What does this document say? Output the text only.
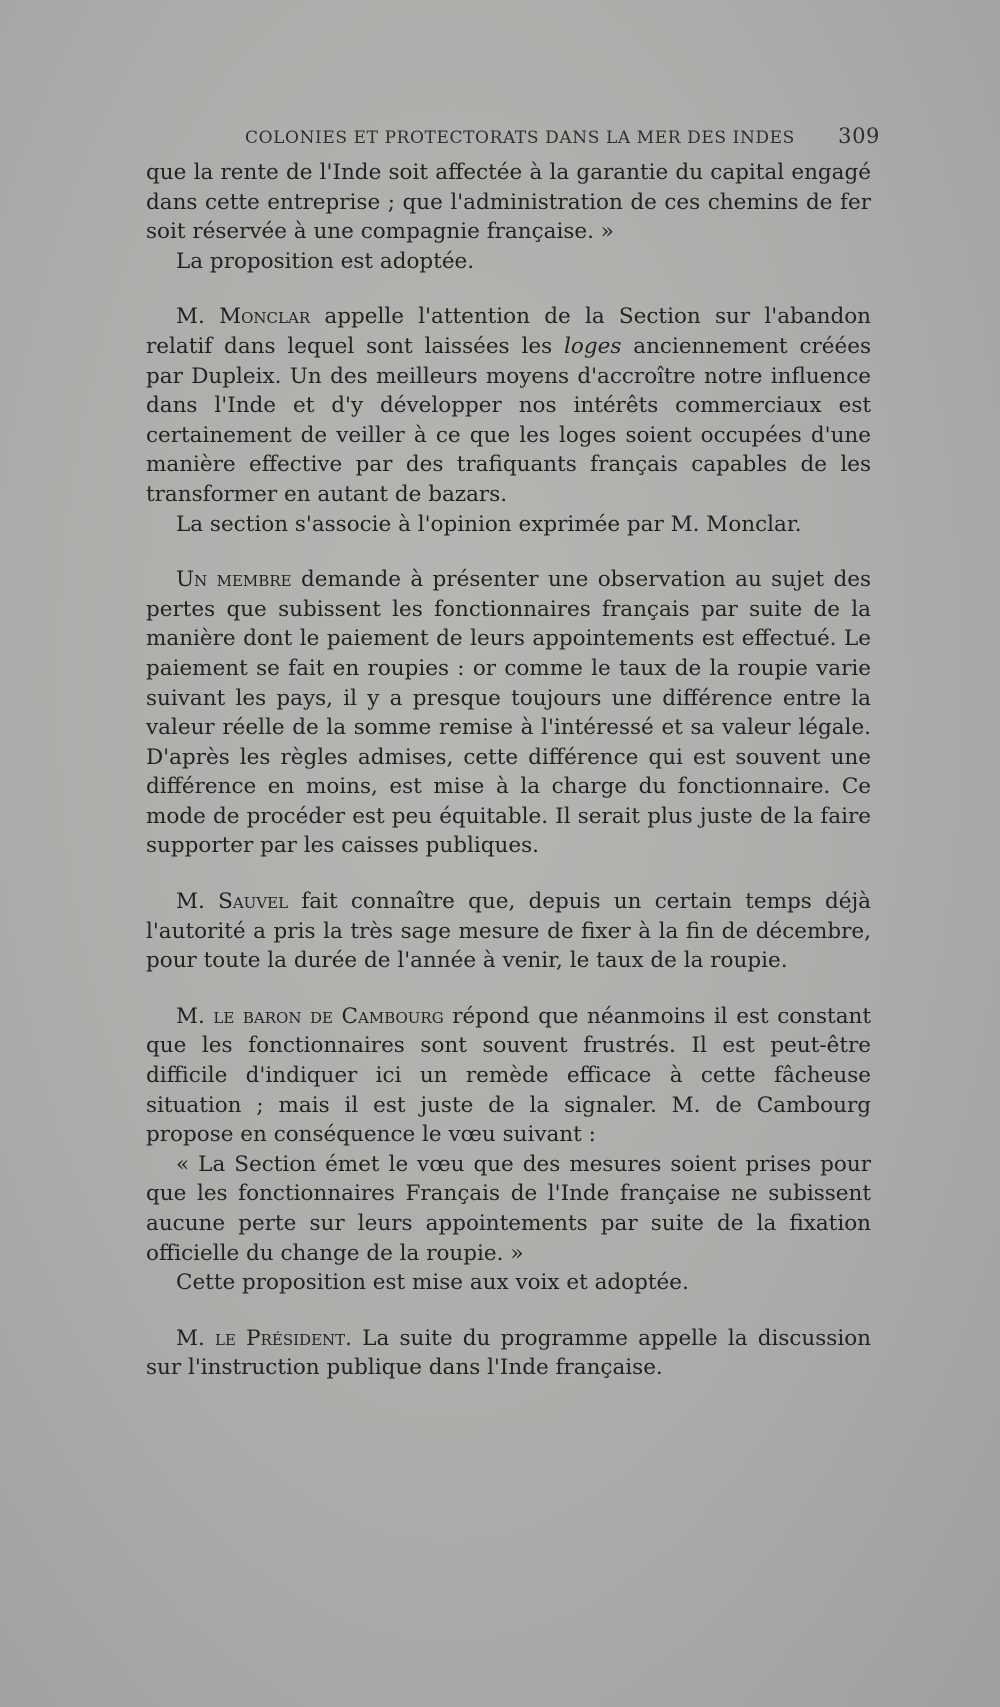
COLONIES ET PROTECTORATS DANS LA MER DES INDES 309

que la rente de l'Inde soit affectée à la garantie du capital engagé dans cette entreprise ; que l'administration de ces chemins de fer soit réservée à une compagnie française. »

La proposition est adoptée.

M. Monclar appelle l'attention de la Section sur l'abandon relatif dans lequel sont laissées les loges anciennement créées par Dupleix. Un des meilleurs moyens d'accroître notre influence dans l'Inde et d'y développer nos intérêts commerciaux est certainement de veiller à ce que les loges soient occupées d'une manière effective par des trafiquants français capables de les transformer en autant de bazars.

La section s'associe à l'opinion exprimée par M. Monclar.

Un membre demande à présenter une observation au sujet des pertes que subissent les fonctionnaires français par suite de la manière dont le paiement de leurs appointements est effectué. Le paiement se fait en roupies : or comme le taux de la roupie varie suivant les pays, il y a presque toujours une différence entre la valeur réelle de la somme remise à l'intéressé et sa valeur légale. D'après les règles admises, cette différence qui est souvent une différence en moins, est mise à la charge du fonctionnaire. Ce mode de procéder est peu équitable. Il serait plus juste de la faire supporter par les caisses publiques.

M. Sauvel fait connaître que, depuis un certain temps déjà l'autorité a pris la très sage mesure de fixer à la fin de décembre, pour toute la durée de l'année à venir, le taux de la roupie.

M. le baron de Cambourg répond que néanmoins il est constant que les fonctionnaires sont souvent frustrés. Il est peut-être difficile d'indiquer ici un remède efficace à cette fâcheuse situation ; mais il est juste de la signaler. M. de Cambourg propose en conséquence le vœu suivant :

« La Section émet le vœu que des mesures soient prises pour que les fonctionnaires Français de l'Inde française ne subissent aucune perte sur leurs appointements par suite de la fixation officielle du change de la roupie. »

Cette proposition est mise aux voix et adoptée.

M. le Président. La suite du programme appelle la discussion sur l'instruction publique dans l'Inde française.
